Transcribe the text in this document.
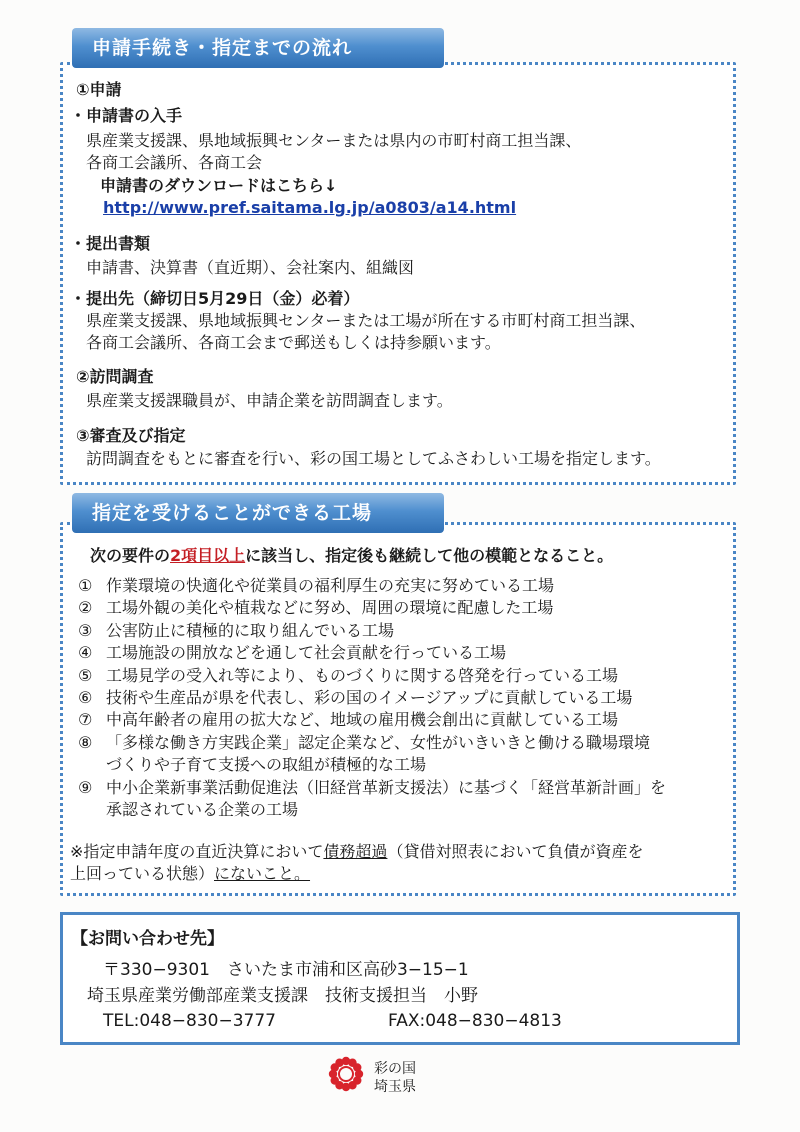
申請手続き・指定までの流れ
①申請
・申請書の入手
県産業支援課、県地域振興センターまたは県内の市町村商工担当課、
各商工会議所、各商工会
申請書のダウンロードはこちら↓
http://www.pref.saitama.lg.jp/a0803/a14.html
・提出書類
申請書、決算書（直近期）、会社案内、組織図
・提出先（締切日5月29日（金）必着）
県産業支援課、県地域振興センターまたは工場が所在する市町村商工担当課、
各商工会議所、各商工会まで郵送もしくは持参願います。
②訪問調査
県産業支援課職員が、申請企業を訪問調査します。
③審査及び指定
訪問調査をもとに審査を行い、彩の国工場としてふさわしい工場を指定します。
指定を受けることができる工場
次の要件の2項目以上に該当し、指定後も継続して他の模範となること。
① 作業環境の快適化や従業員の福利厚生の充実に努めている工場
② 工場外観の美化や植栽などに努め、周囲の環境に配慮した工場
③ 公害防止に積極的に取り組んでいる工場
④ 工場施設の開放などを通して社会貢献を行っている工場
⑤ 工場見学の受入れ等により、ものづくりに関する啓発を行っている工場
⑥ 技術や生産品が県を代表し、彩の国のイメージアップに貢献している工場
⑦ 中高年齢者の雇用の拡大など、地域の雇用機会創出に貢献している工場
⑧ 「多様な働き方実践企業」認定企業など、女性がいきいきと働ける職場環境
づくりや子育て支援への取組が積極的な工場
⑨ 中小企業新事業活動促進法（旧経営革新支援法）に基づく「経営革新計画」を
承認されている企業の工場
※指定申請年度の直近決算において債務超過（貸借対照表において負債が資産を
上回っている状態）にないこと。
【お問い合わせ先】
〒330−9301　さいたま市浦和区高砂3−15−1
埼玉県産業労働部産業支援課　技術支援担当　小野
TEL:048−830−3777	FAX:048−830−4813
彩の国
埼玉県
